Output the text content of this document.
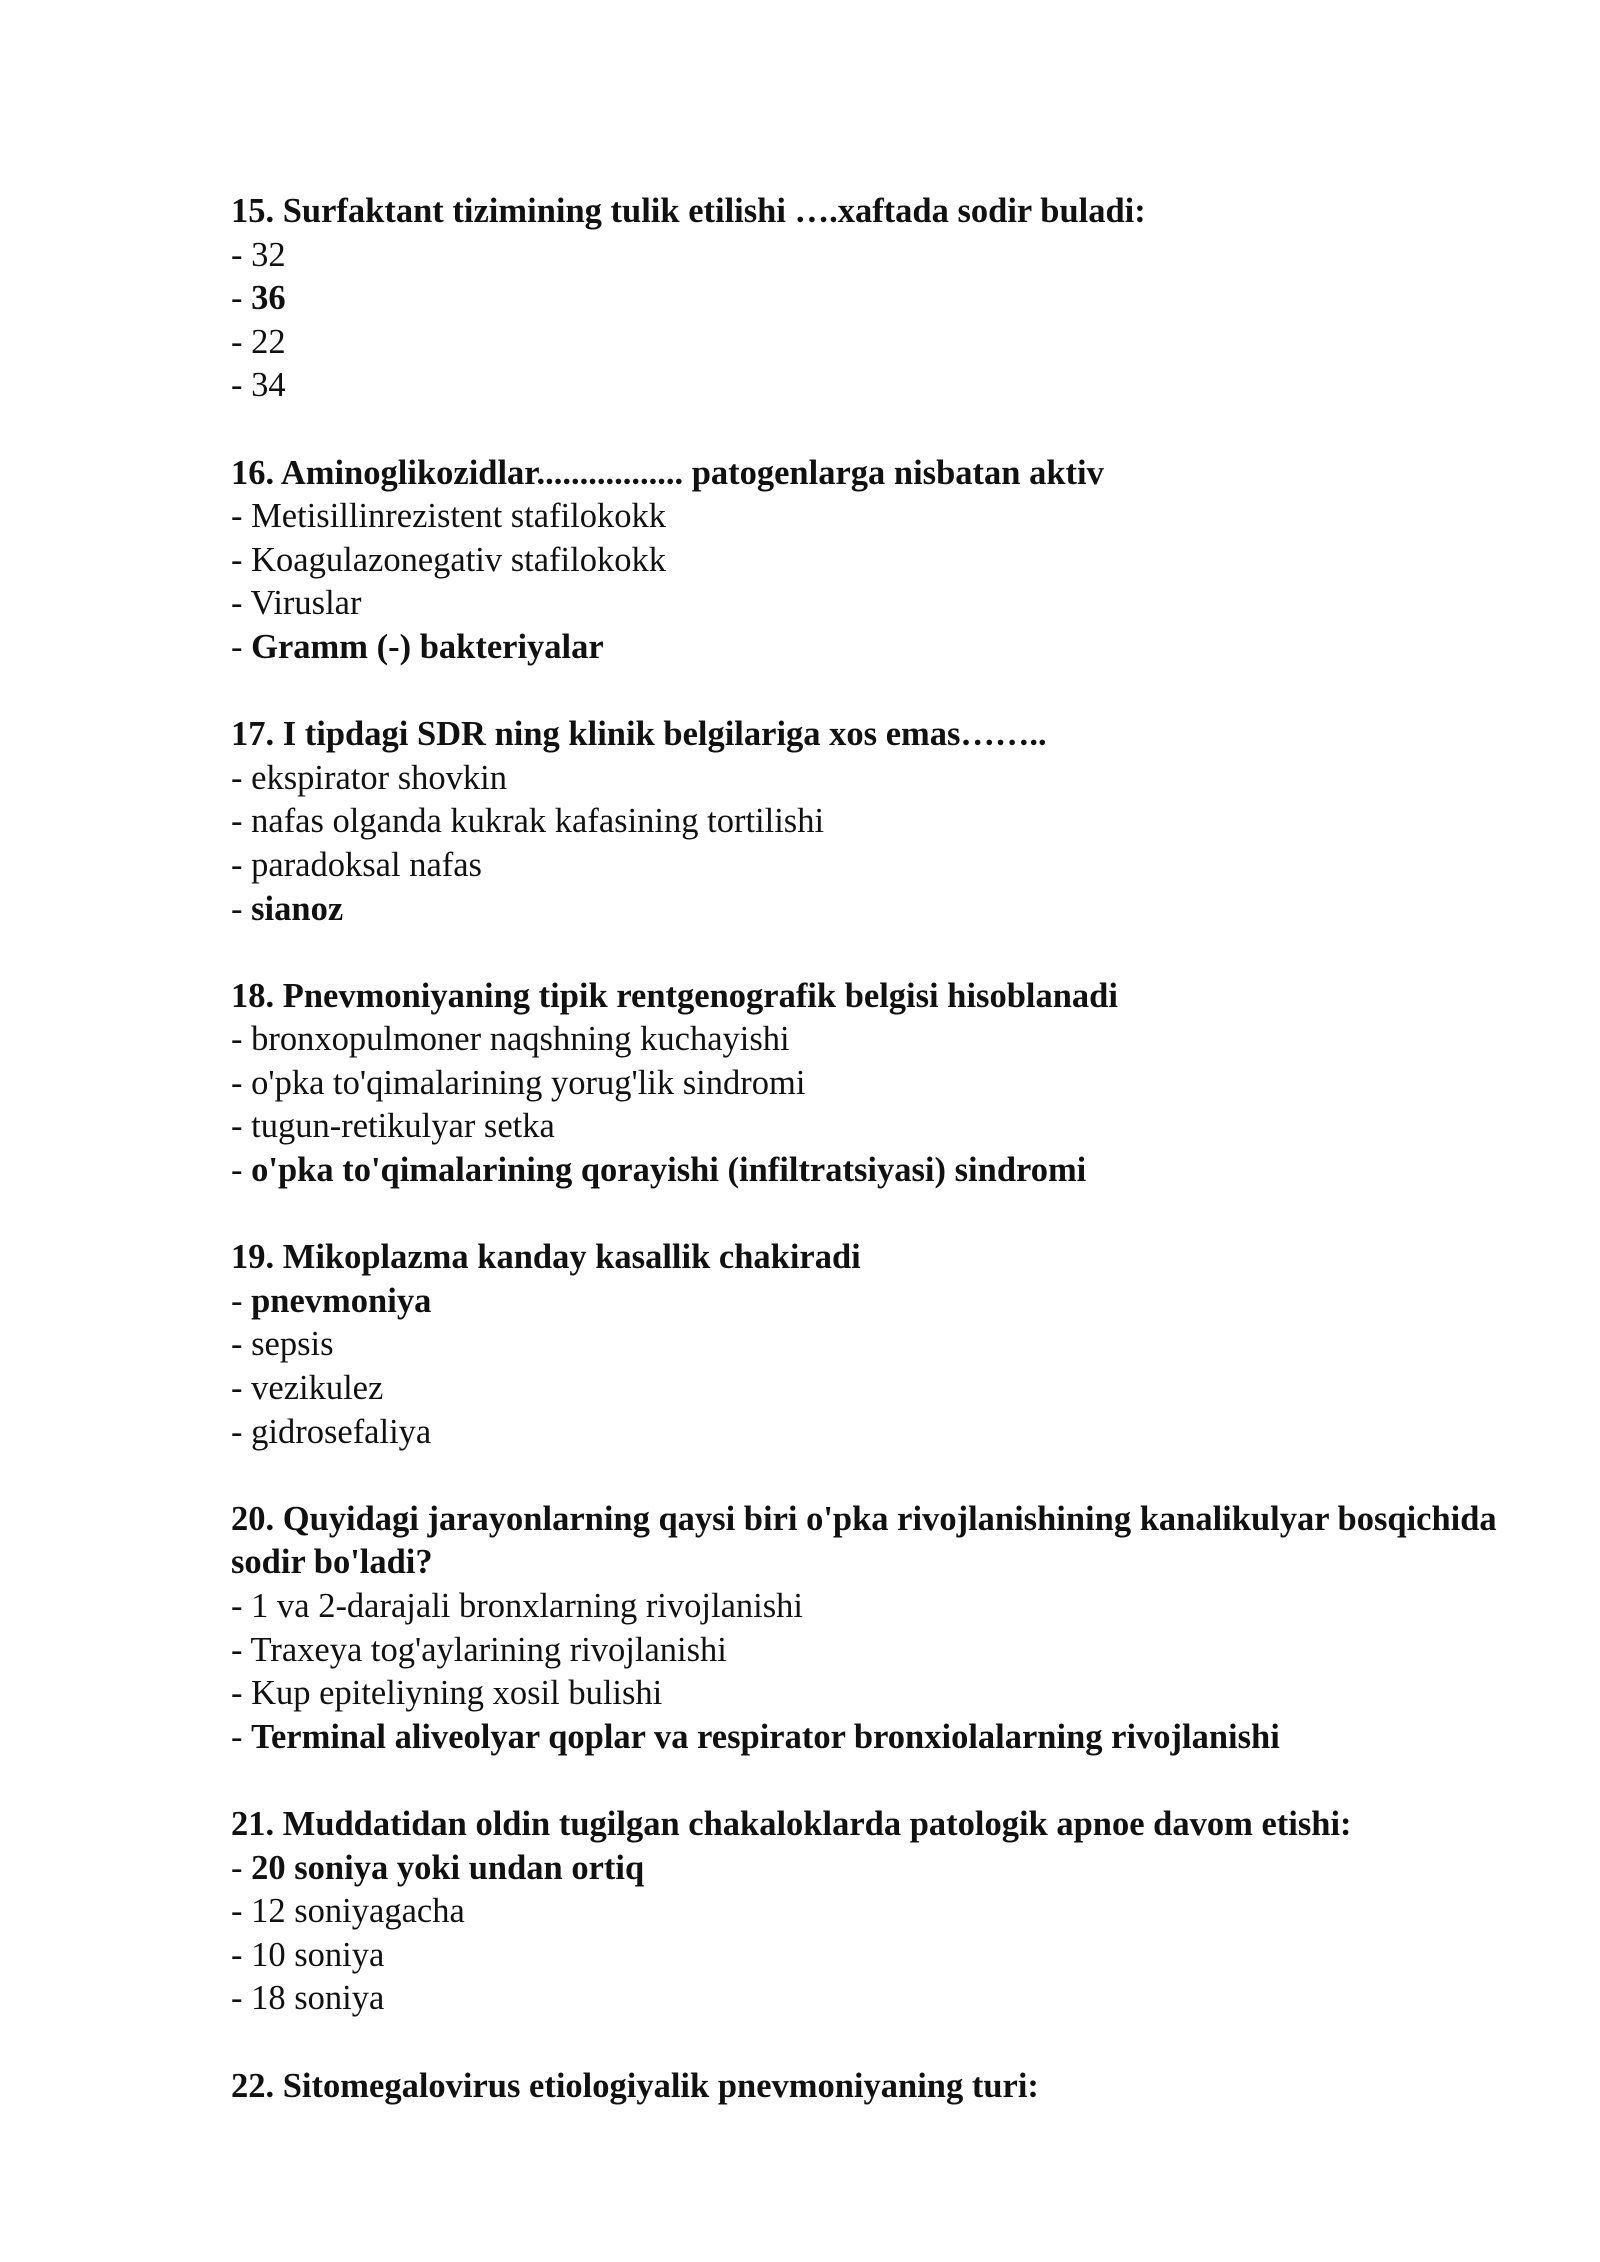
15. Surfaktant tizimining tulik etilishi ….xaftada sodir buladi:

- 32

- 36

- 22

- 34

16. Aminoglikozidlar................. patogenlarga nisbatan aktiv

- Metisillinrezistent stafilokokk

- Koagulazonegativ stafilokokk

- Viruslar

- Gramm (-) bakteriyalar

17. I tipdagi SDR ning klinik belgilariga xos emas……..

- ekspirator shovkin

- nafas olganda kukrak kafasining tortilishi

- paradoksal nafas

- sianoz

18. Pnevmoniyaning tipik rentgenografik belgisi hisoblanadi

- bronxopulmoner naqshning kuchayishi

- o'pka to'qimalarining yorug'lik sindromi

- tugun-retikulyar setka

- o'pka to'qimalarining qorayishi (infiltratsiyasi) sindromi

19. Mikoplazma kanday kasallik chakiradi

- pnevmoniya

- sepsis

- vezikulez

- gidrosefaliya

20. Quyidagi jarayonlarning qaysi biri o'pka rivojlanishining kanalikulyar bosqichida sodir bo'ladi?

- 1 va 2-darajali bronxlarning rivojlanishi

- Traxeya tog'aylarining rivojlanishi

- Kup epiteliyning xosil bulishi

- Terminal aliveolyar qoplar va respirator bronxiolalarning rivojlanishi

21. Muddatidan oldin tugilgan chakaloklarda patologik apnoe davom etishi:

- 20 soniya yoki undan ortiq

- 12 soniyagacha

- 10 soniya

- 18 soniya

22. Sitomegalovirus etiologiyalik pnevmoniyaning turi:
